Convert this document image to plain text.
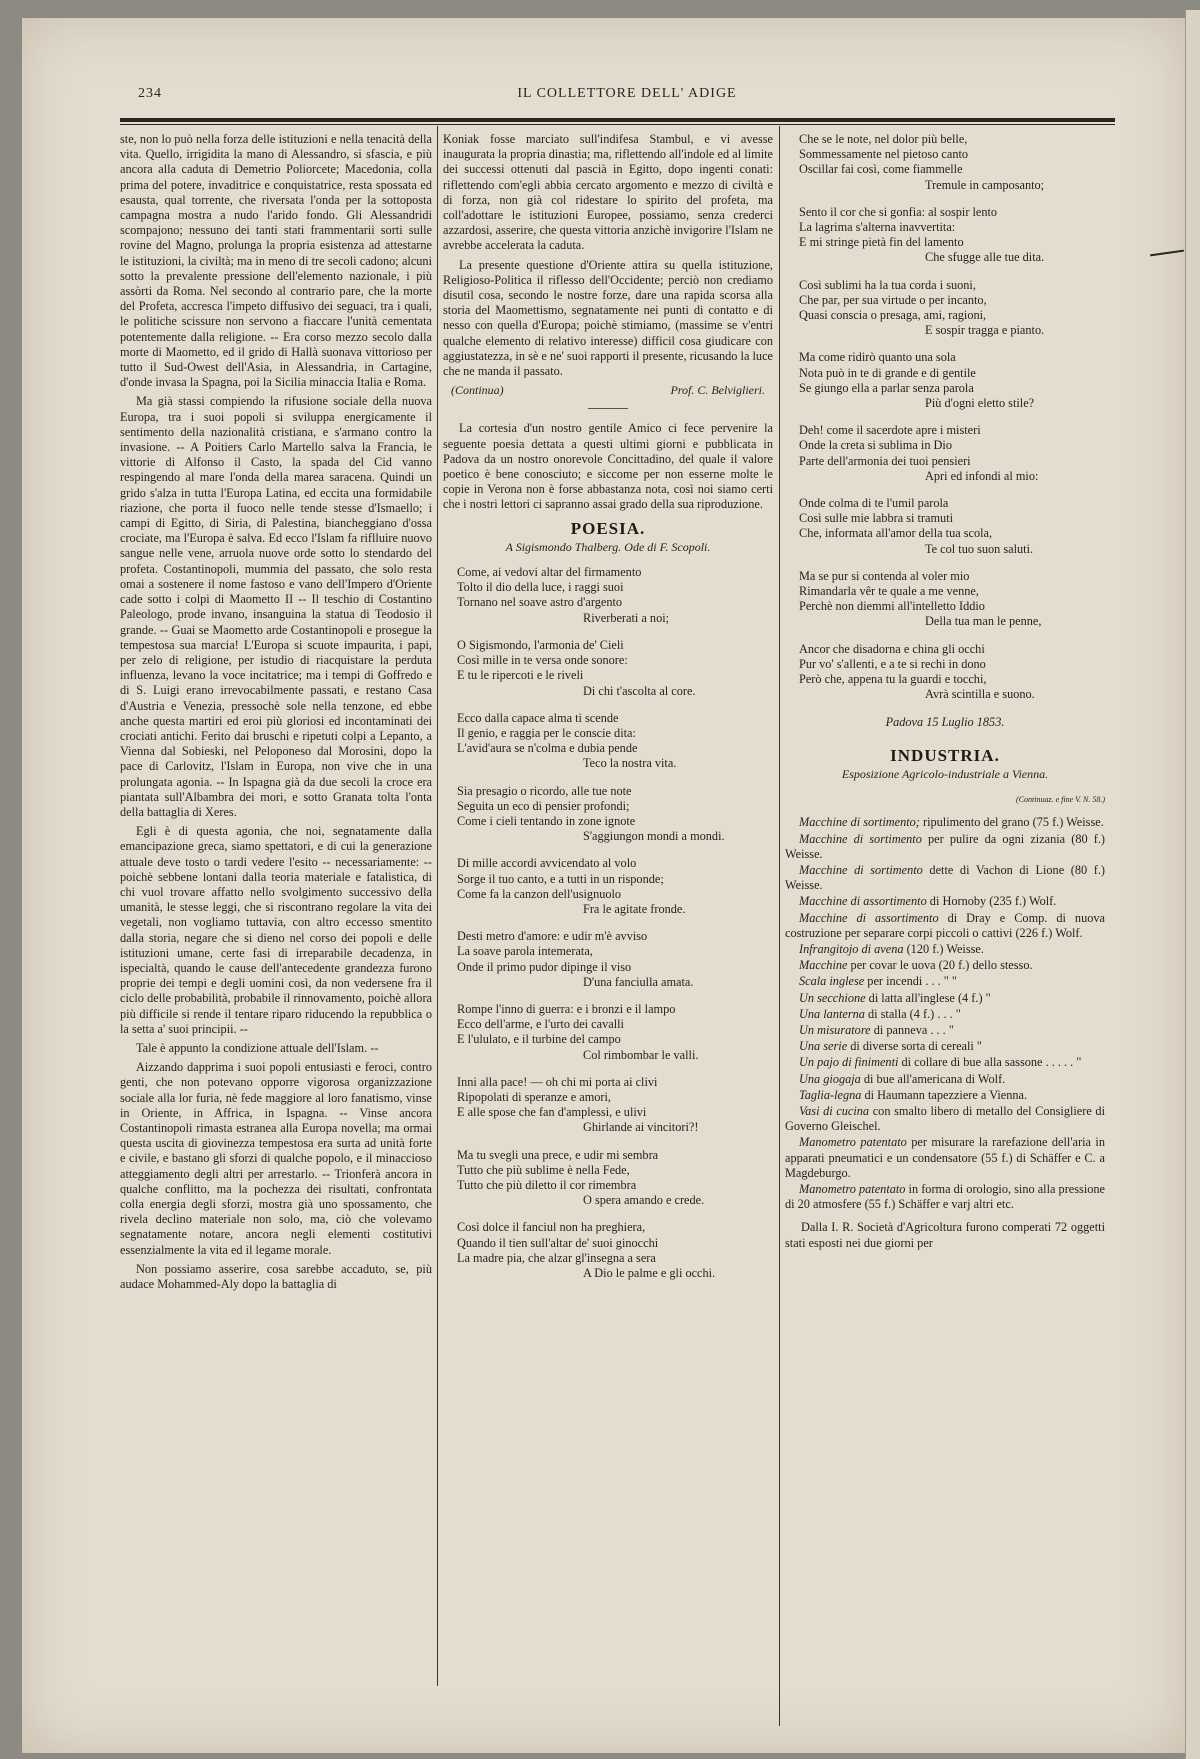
234	IL COLLETTORE DELL' ADIGE

ste, non lo può nella forza delle istituzioni e nella tenacità della vita. Quello, irrigidita la mano di Alessandro, si sfascia, e più ancora alla caduta di Demetrio Poliorcete; Macedonia, colla prima del potere, invaditrice e conquistatrice, resta spossata ed esausta, qual torrente, che riversata l'onda per la sottoposta campagna mostra a nudo l'arido fondo. Gli Alessandridi scompajono; nessuno dei tanti stati frammentarii sorti sulle rovine del Magno, prolunga la propria esistenza ad attestarne le istituzioni, la civiltà; ma in meno di tre secoli cadono; alcuni sotto la prevalente pressione dell'elemento nazionale, i più assòrti da Roma. Nel secondo al contrario pare, che la morte del Profeta, accresca l'impeto diffusivo dei seguaci, tra i quali, le politiche scissure non servono a fiaccare l'unità cementata potentemente dalla religione. -- Era corso mezzo secolo dalla morte di Maometto, ed il grido di Hallà suonava vittorioso per tutto il Sud-Owest dell'Asia, in Alessandria, in Cartagine, d'onde invasa la Spagna, poi la Sicilia minaccia Italia e Roma.

Ma già stassi compiendo la rifusione sociale della nuova Europa, tra i suoi popoli si sviluppa energicamente il sentimento della nazionalità cristiana, e s'armano contro la invasione. -- A Poitiers Carlo Martello salva la Francia, le vittorie di Alfonso il Casto, la spada del Cid vanno respingendo al mare l'onda della marea saracena. Quindi un grido s'alza in tutta l'Europa Latina, ed eccita una formidabile riazione, che porta il fuoco nelle tende stesse d'Ismaello; i campi di Egitto, di Siria, di Palestina, biancheggiano d'ossa crociate, ma l'Europa è salva. Ed ecco l'Islam fa riflluire nuovo sangue nelle vene, arruola nuove orde sotto lo stendardo del profeta. Costantinopoli, mummia del passato, che solo resta omai a sostenere il nome fastoso e vano dell'Impero d'Oriente cade sotto i colpi di Maometto II -- Il teschio di Costantino Paleologo, prode invano, insanguina la statua di Teodosio il grande. -- Guai se Maometto arde Costantinopoli e prosegue la tempestosa sua marcia! L'Europa si scuote impaurita, i papi, per zelo di religione, per istudio di riacquistare la perduta influenza, levano la voce incitatrice; ma i tempi di Goffredo e di S. Luigi erano irrevocabilmente passati, e restano Casa d'Austria e Venezia, pressochè sole nella tenzone, ed ebbe anche questa martiri ed eroi più gloriosi ed incontaminati dei crociati antichi. Ferito dai bruschi e ripetuti colpi a Lepanto, a Vienna dal Sobieski, nel Peloponeso dal Morosini, dopo la pace di Carlovitz, l'Islam in Europa, non vive che in una prolungata agonia. -- In Ispagna già da due secoli la croce era piantata sull'Albambra dei mori, e sotto Granata tolta l'onta della battaglia di Xeres.

Egli è di questa agonia, che noi, segnatamente dalla emancipazione greca, siamo spettatori, e di cui la generazione attuale deve tosto o tardi vedere l'esito -- necessariamente: -- poichè sebbene lontani dalla teoria materiale e fatalistica, di chi vuol trovare affatto nello svolgimento successivo della umanità, le stesse leggi, che si riscontrano regolare la vita dei vegetali, non vogliamo tuttavia, con altro eccesso smentito dalla storia, negare che si dieno nel corso dei popoli e delle istituzioni umane, certe fasi di irreparabile decadenza, in ispecialtà, quando le cause dell'antecedente grandezza furono proprie dei tempi e degli uomini così, da non vedersene fra il ciclo delle probabilità, probabile il rinnovamento, poichè allora più difficile si rende il tentare riparo riducendo la repubblica o la setta a' suoi principii. --

Tale è appunto la condizione attuale dell'Islam. --

Aizzando dapprima i suoi popoli entusiasti e feroci, contro genti, che non potevano opporre vigorosa organizzazione sociale alla lor furia, nè fede maggiore al loro fanatismo, vinse in Oriente, in Affrica, in Ispagna. -- Vinse ancora Costantinopoli rimasta estranea alla Europa novella; ma ormai questa uscita di giovinezza tempestosa era surta ad unità forte e civile, e bastano gli sforzi di qualche popolo, e il minaccioso atteggiamento degli altri per arrestarlo. -- Trionferà ancora in qualche conflitto, ma la pochezza dei risultati, confrontata colla energia degli sforzi, mostra già uno spossamento, che rivela declino materiale non solo, ma, ciò che volevamo segnatamente notare, ancora negli elementi costitutivi essenzialmente la vita ed il legame morale.

Non possiamo asserire, cosa sarebbe accaduto, se, più audace Mohammed-Aly dopo la battaglia di

Koniak fosse marciato sull'indifesa Stambul, e vi avesse inaugurata la propria dinastia; ma, riflettendo all'indole ed al limite dei successi ottenuti dal pascià in Egitto, dopo ingenti conati: riflettendo com'egli abbia cercato argomento e mezzo di civiltà e di forza, non già col ridestare lo spirito del profeta, ma coll'adottare le istituzioni Europee, possiamo, senza crederci azzardosi, asserire, che questa vittoria anzichè invigorire l'Islam ne avrebbe accelerata la caduta.

La presente questione d'Oriente attira su quella istituzione, Religioso-Politica il riflesso dell'Occidente; perciò non crediamo disutil cosa, secondo le nostre forze, dare una rapida scorsa alla storia del Maomettismo, segnatamente nei punti di contatto e di nesso con quella d'Europa; poichè stimiamo, (massime se v'entri qualche elemento di relativo interesse) difficil cosa giudicare con aggiustatezza, in sè e ne' suoi rapporti il presente, ricusando la luce che ne manda il passato.

(Continua)	Prof. C. Belviglieri.

La cortesia d'un nostro gentile Amico ci fece pervenire la seguente poesia dettata a questi ultimi giorni e pubblicata in Padova da un nostro onorevole Concittadino, del quale il valore poetico è bene conosciuto; e siccome per non esserne molte le copie in Verona non è forse abbastanza nota, così noi siamo certi che i nostri lettori ci sapranno assai grado della sua riproduzione.

POESIA.
A Sigismondo Thalberg. Ode di F. Scopoli.
Come, ai vedovi altar del firmamento
Tolto il dio della luce, i raggi suoi
Tornano nel soave astro d'argento
Riverberati a noi;
O Sigismondo, l'armonia de' Cieli
Così mille in te versa onde sonore:
E tu le ripercoti e le riveli
Di chi t'ascolta al core.
Ecco dalla capace alma ti scende
Il genio, e raggia per le conscie dita:
L'avid'aura se n'colma e dubia pende
Teco la nostra vita.
Sia presagio o ricordo, alle tue note
Seguita un eco di pensier profondi;
Come i cieli tentando in zone ignote
S'aggiungon mondi a mondi.
Di mille accordi avvicendato al volo
Sorge il tuo canto, e a tutti in un risponde;
Come fa la canzon dell'usignuolo
Fra le agitate fronde.
Desti metro d'amore: e udir m'è avviso
La soave parola intemerata,
Onde il primo pudor dipinge il viso
D'una fanciulla amata.
Rompe l'inno di guerra: e i bronzi e il lampo
Ecco dell'arme, e l'urto dei cavalli
E l'ululato, e il turbine del campo
Col rimbombar le valli.
Inni alla pace! — oh chi mi porta ai clivi
Ripopolati di speranze e amori,
E alle spose che fan d'amplessi, e ulivi
Ghirlande ai vincitori?!
Ma tu svegli una prece, e udir mi sembra
Tutto che più sublime è nella Fede,
Tutto che più diletto il cor rimembra
O spera amando e crede.
Così dolce il fanciul non ha preghiera,
Quando il tien sull'altar de' suoi ginocchi
La madre pia, che alzar gl'insegna a sera
A Dio le palme e gli occhi.
Che se le note, nel dolor più belle,
Sommessamente nel pietoso canto
Oscillar fai così, come fiammelle
Tremule in camposanto;
Sento il cor che si gonfia: al sospir lento
La lagrima s'alterna inavvertita:
E mi stringe pietà fin del lamento
Che sfugge alle tue dita.
Così sublimi ha la tua corda i suoni,
Che par, per sua virtude o per incanto,
Quasi conscia o presaga, ami, ragioni,
E sospir tragga e pianto.
Ma come ridirò quanto una sola
Nota può in te di grande e di gentile
Se giungo ella a parlar senza parola
Più d'ogni eletto stile?
Deh! come il sacerdote apre i misteri
Onde la creta si sublima in Dio
Parte dell'armonia dei tuoi pensieri
Apri ed infondi al mio:
Onde colma di te l'umil parola
Così sulle mie labbra si tramuti
Che, informata all'amor della tua scola,
Te col tuo suon saluti.
Ma se pur si contenda al voler mio
Rimandarla vêr te quale a me venne,
Perchè non diemmi all'intelletto Iddio
Della tua man le penne,
Ancor che disadorna e china gli occhi
Pur vo' s'allenti, e a te si rechi in dono
Però che, appena tu la guardi e tocchi,
Avrà scintilla e suono.
Padova 15 Luglio 1853.
INDUSTRIA.
Esposizione Agricolo-industriale a Vienna.
(Continuaz. e fine V. N. 58.)

Macchine di sortimento; ripulimento del grano (75 f.) Weisse.

Macchine di sortimento per pulire da ogni zizania (80 f.) Weisse.

Macchine di sortimento dette di Vachon di Lione (80 f.) Weisse.

Macchine di assortimento di Hornoby (235 f.) Wolf.

Macchine di assortimento di Dray e Comp. di nuova costruzione per separare corpi piccoli o cattivi (226 f.) Wolf.

Infrangitojo di avena (120 f.) Weisse.

Macchine per covar le uova (20 f.) dello stesso.

Scala inglese per incendi . . . " "

Un secchione di latta all'inglese (4 f.) "

Una lanterna di stalla (4 f.) . . . "

Un misuratore di panneva . . . "

Una serie di diverse sorta di cereali "

Un pajo di finimenti di collare di bue alla sassone . . . . . "

Una giogaja di bue all'americana di Wolf.

Taglia-legna di Haumann tapezziere a Vienna.

Vasi di cucina con smalto libero di metallo del Consigliere di Governo Gleischel.

Manometro patentato per misurare la rarefazione dell'aria in apparati pneumatici e un condensatore (55 f.) di Schäffer e C. a Magdeburgo.

Manometro patentato in forma di orologio, sino alla pressione di 20 atmosfere (55 f.) Schäffer e varj altri etc.

Dalla I. R. Società d'Agricoltura furono comperati 72 oggetti stati esposti nei due giorni per
